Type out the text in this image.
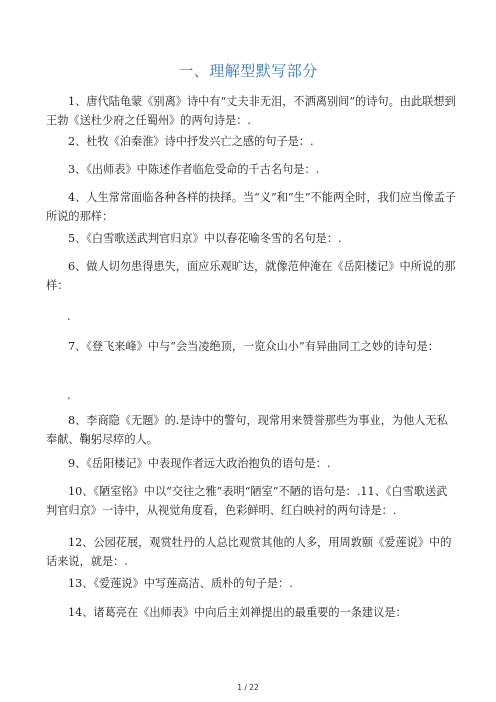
一、理解型默写部分
1、唐代陆龟蒙《别离》诗中有“丈夫非无泪，不洒离别间”的诗句。由此联想到王勃《送杜少府之任蜀州》的两句诗是：.
2、杜牧《泊秦淮》诗中抒发兴亡之感的句子是：.
3、《出师表》中陈述作者临危受命的千古名句是：.
4、人生常常面临各种各样的抉择。当“义”和“生”不能两全时，我们应当像孟子所说的那样：
5、《白雪歌送武判官归京》中以春花喻冬雪的名句是：.
6、做人切勿患得患失，面应乐观旷达，就像范仲淹在《岳阳楼记》中所说的那样：
.
7、《登飞来峰》中与“会当凌绝顶，一览众山小”有异曲同工之妙的诗句是：
.
8、李商隐《无题》的.是诗中的警句，现常用来赞誉那些为事业，为他人无私奉献、鞠躬尽瘁的人。
9、《岳阳楼记》中表现作者远大政治抱负的语句是：.
10、《陋室铭》中以“交往之雅”表明“陋室”不陋的语句是：.11、《白雪歌送武判官归京》一诗中，从视觉角度看，色彩鲜明、红白映衬的两句诗是：.
12、公园花展，观赏牡丹的人总比观赏其他的人多，用周敦颐《爱莲说》中的话来说，就是：.
13、《爱莲说》中写莲高洁、质朴的句子是：.
14、诸葛亮在《出师表》中向后主刘禅提出的最重要的一条建议是：
1 / 22
